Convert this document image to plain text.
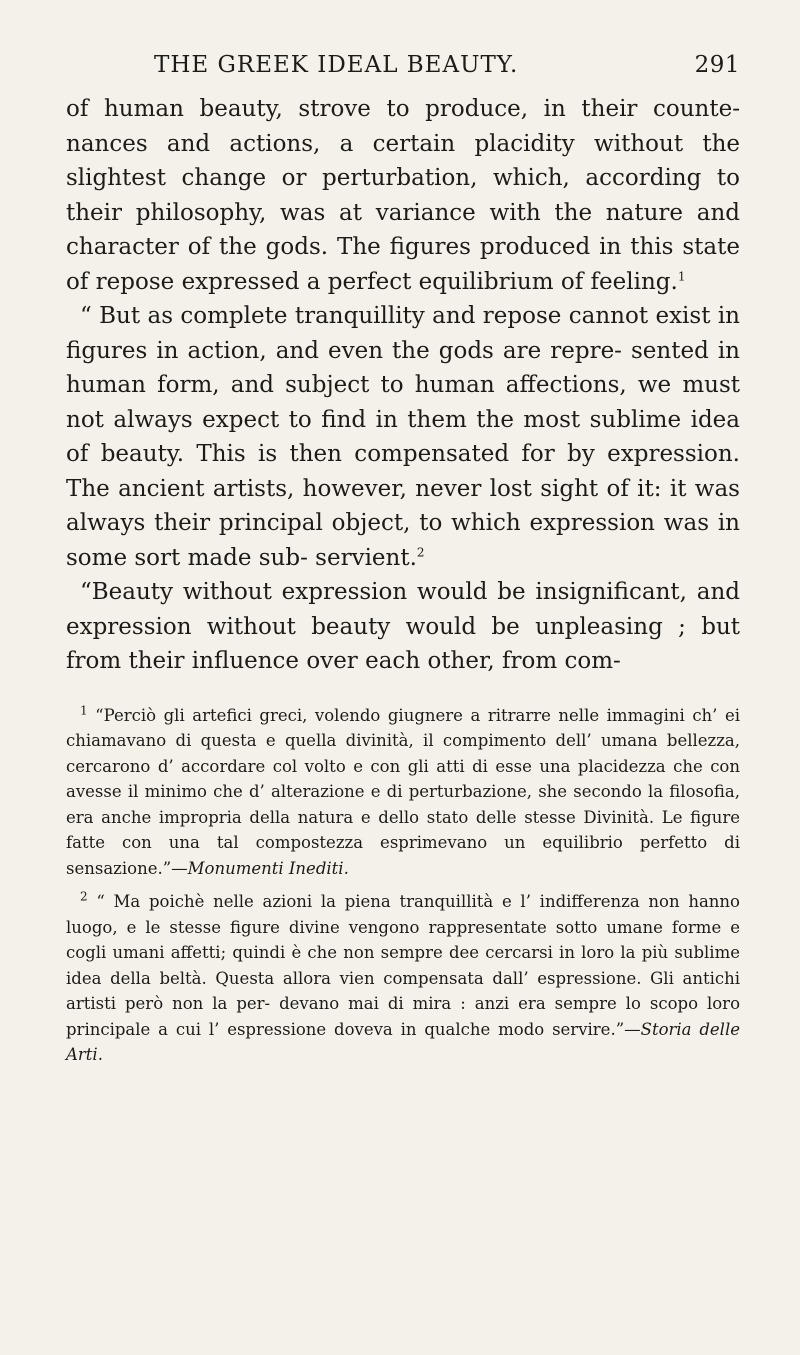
THE GREEK IDEAL BEAUTY.	291

of human beauty, strove to produce, in their counte- nances and actions, a certain placidity without the slightest change or perturbation, which, according to their philosophy, was at variance with the nature and character of the gods. The figures produced in this state of repose expressed a perfect equilibrium of feeling.$^1$

“ But as complete tranquillity and repose cannot exist in figures in action, and even the gods are repre- sented in human form, and subject to human affections, we must not always expect to find in them the most sublime idea of beauty. This is then compensated for by expression. The ancient artists, however, never lost sight of it: it was always their principal object, to which expression was in some sort made sub- servient.$^2$

“Beauty without expression would be insignificant, and expression without beauty would be unpleasing ; but from their influence over each other, from com-

$^1$ “Perciò gli artefici greci, volendo giugnere a ritrarre nelle immagini ch’ ei chiamavano di questa e quella divinità, il compimento dell’ umana bellezza, cercarono d’ accordare col volto e con gli atti di esse una placidezza che con avesse il minimo che d’ alterazione e di perturbazione, she secondo la filosofia, era anche impropria della natura e dello stato delle stesse Divinità. Le figure fatte con una tal compostezza esprimevano un equilibrio perfetto di sensazione.”—Monumenti Inediti.

$^2$ “ Ma poichè nelle azioni la piena tranquillità e l’ indifferenza non hanno luogo, e le stesse figure divine vengono rappresentate sotto umane forme e cogli umani affetti; quindi è che non sempre dee cercarsi in loro la più sublime idea della beltà. Questa allora vien compensata dall’ espressione. Gli antichi artisti però non la per- devano mai di mira : anzi era sempre lo scopo loro principale a cui l’ espressione doveva in qualche modo servire.”—Storia delle Arti.
